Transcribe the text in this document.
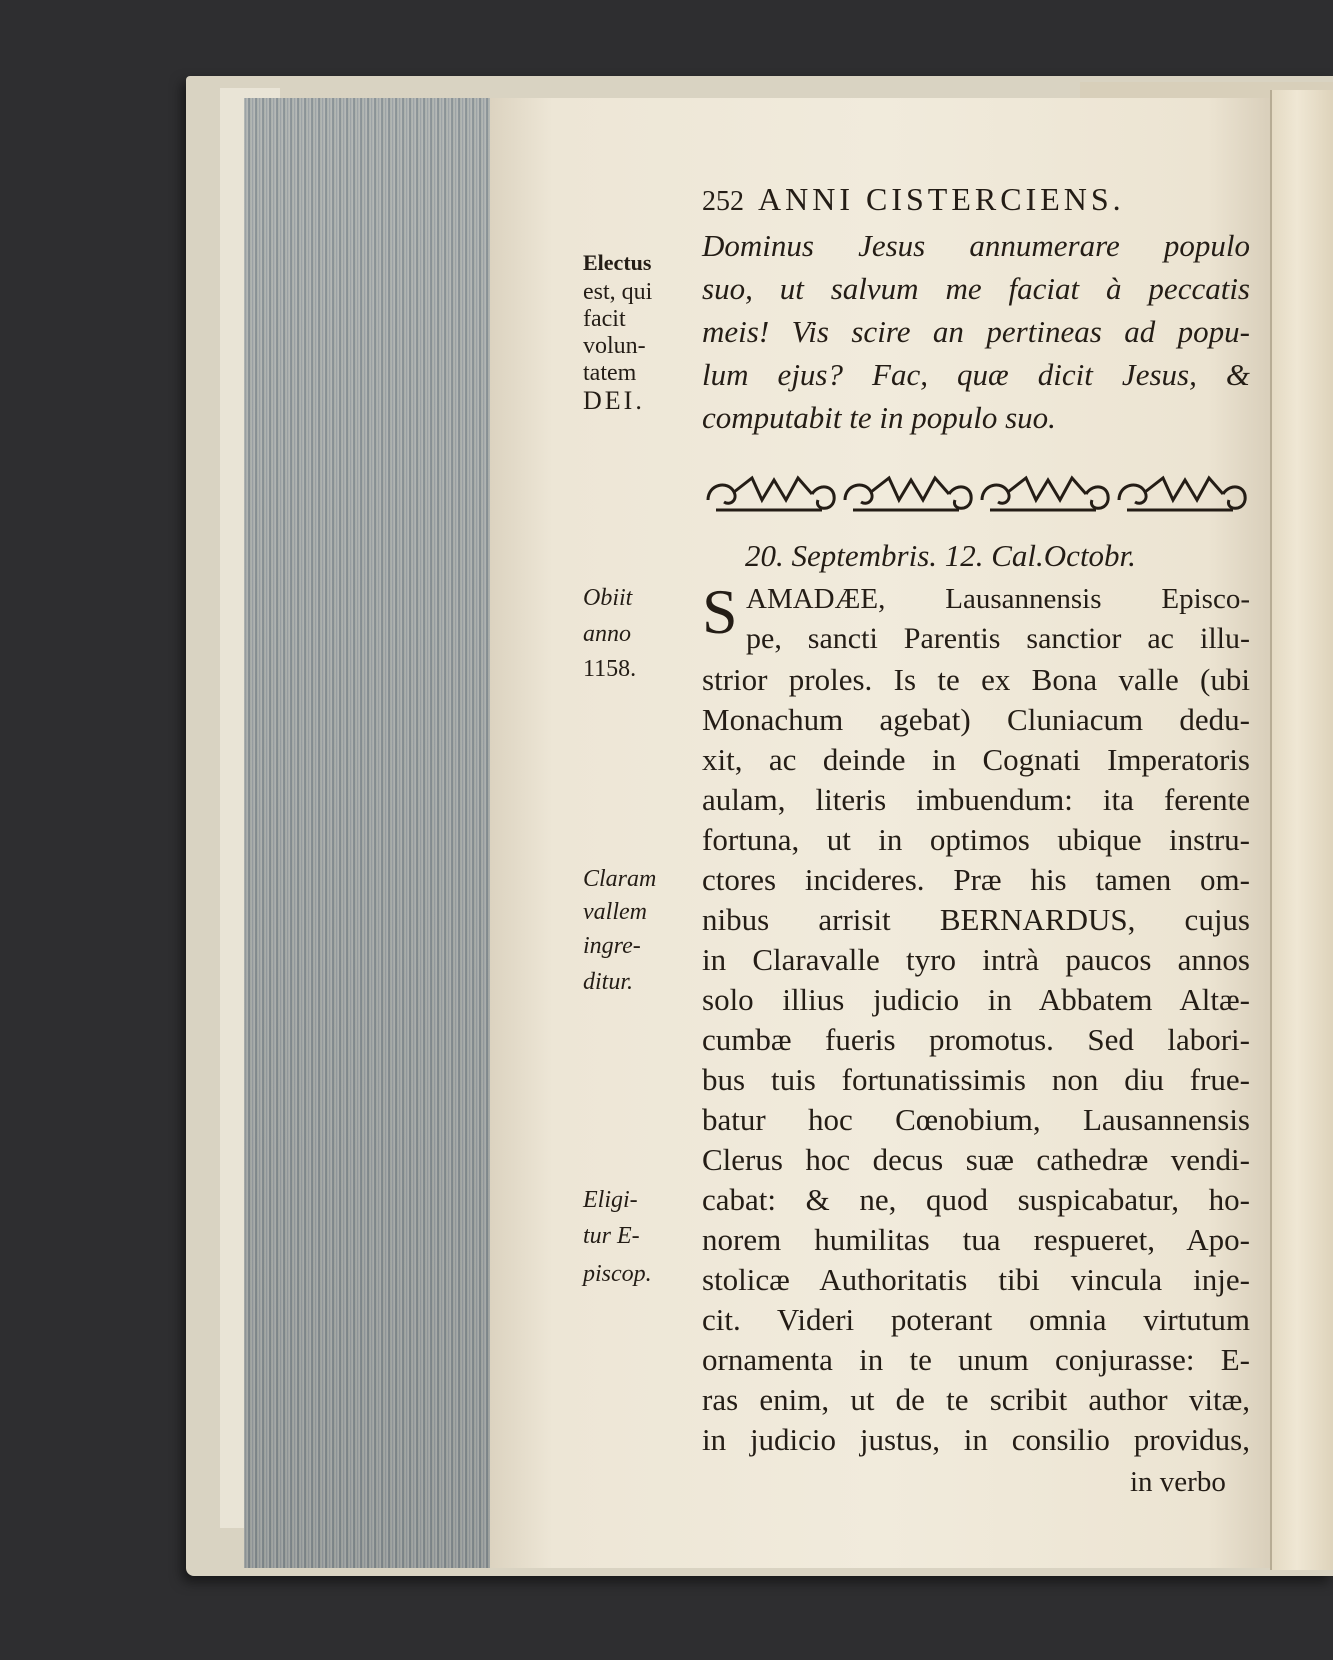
252 ANNI CISTERCIENS.
Dominus Jesus annumerare populo
suo, ut salvum me faciat à peccatis
meis! Vis scire an pertineas ad popu-
lum ejus? Fac, quæ dicit Jesus, &
computabit te in populo suo.
Electus
est, qui
facit
volun-
tatem
DEI.
20. Septembris. 12. Cal.Octobr.
S AMADÆE, Lausannensis Episco-
pe, sancti Parentis sanctior ac illu-
strior proles. Is te ex Bona valle (ubi
Monachum agebat) Cluniacum dedu-
xit, ac deinde in Cognati Imperatoris
aulam, literis imbuendum: ita ferente
fortuna, ut in optimos ubique instru-
ctores incideres. Præ his tamen om-
nibus arrisit BERNARDUS, cujus
in Claravalle tyro intrà paucos annos
solo illius judicio in Abbatem Altæ-
cumbæ fueris promotus. Sed labori-
bus tuis fortunatissimis non diu frue-
batur hoc Cœnobium, Lausannensis
Clerus hoc decus suæ cathedræ vendi-
cabat: & ne, quod suspicabatur, ho-
norem humilitas tua respueret, Apo-
stolicæ Authoritatis tibi vincula inje-
cit. Videri poterant omnia virtutum
ornamenta in te unum conjurasse: E-
ras enim, ut de te scribit author vitæ,
in judicio justus, in consilio providus,
in verbo
Obiit
anno
1158.
Claram
vallem
ingre-
ditur.
Eligi-
tur E-
piscop.
